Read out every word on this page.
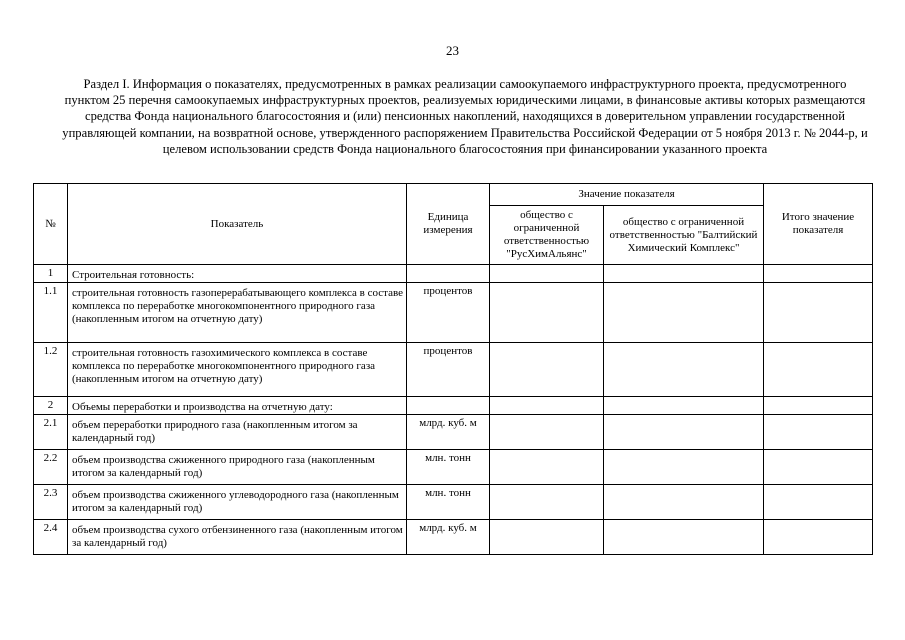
23
Раздел I. Информация о показателях, предусмотренных в рамках реализации самоокупаемого инфраструктурного проекта, предусмотренного пунктом 25 перечня самоокупаемых инфраструктурных проектов, реализуемых юридическими лицами, в финансовые активы которых размещаются средства Фонда национального благосостояния и (или) пенсионных накоплений, находящихся в доверительном управлении государственной управляющей компании, на возвратной основе, утвержденного распоряжением Правительства Российской Федерации от 5 ноября 2013 г. № 2044-р, и целевом использовании средств Фонда национального благосостояния при финансировании указанного проекта
№	Показатель	Единица измерения	Значение показателя		Итого значение показателя
			общество с ограниченной ответственностью "РусХимАльянс"	общество с ограниченной ответственностью "Балтийский Химический Комплекс"	
1	Строительная готовность:				
1.1	строительная готовность газоперерабатывающего комплекса в составе комплекса по переработке многокомпонентного природного газа (накопленным итогом на отчетную дату)	процентов			
1.2	строительная готовность газохимического комплекса в составе комплекса по переработке многокомпонентного природного газа (накопленным итогом на отчетную дату)	процентов			
2	Объемы переработки и производства на отчетную дату:				
2.1	объем переработки природного газа (накопленным итогом за календарный год)	млрд. куб. м			
2.2	объем производства сжиженного природного газа (накопленным итогом за календарный год)	млн. тонн			
2.3	объем производства сжиженного углеводородного газа (накопленным итогом за календарный год)	млн. тонн			
2.4	объем производства сухого отбензиненного газа (накопленным итогом за календарный год)	млрд. куб. м			
